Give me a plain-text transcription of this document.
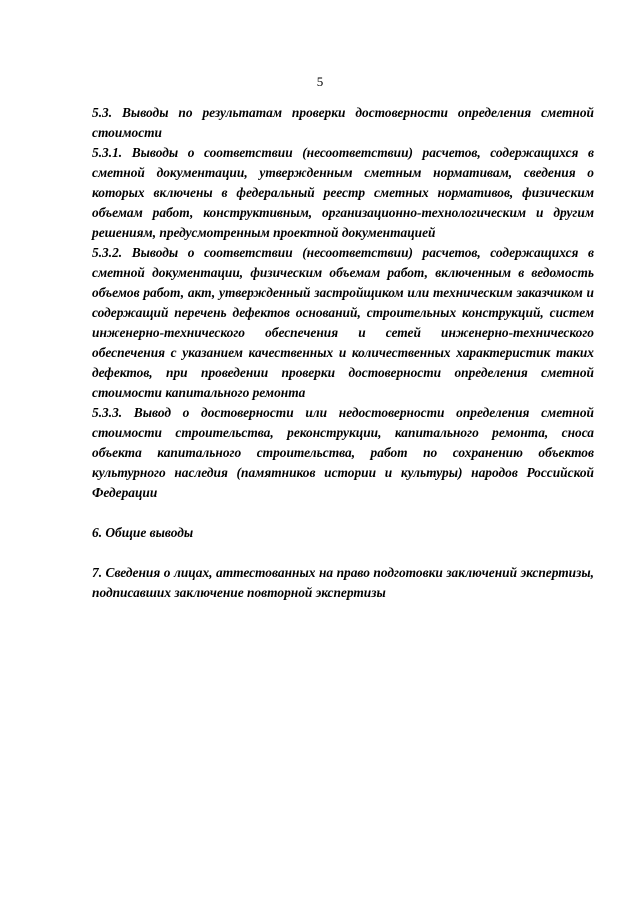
5

5.3. Выводы по результатам проверки достоверности определения сметной стоимости

5.3.1. Выводы о соответствии (несоответствии) расчетов, содержащихся в сметной документации, утвержденным сметным нормативам, сведения о которых включены в федеральный реестр сметных нормативов, физическим объемам работ, конструктивным, организационно-технологическим и другим решениям, предусмотренным проектной документацией

5.3.2. Выводы о соответствии (несоответствии) расчетов, содержащихся в сметной документации, физическим объемам работ, включенным в ведомость объемов работ, акт, утвержденный застройщиком или техническим заказчиком и содержащий перечень дефектов оснований, строительных конструкций, систем инженерно-технического обеспечения и сетей инженерно-технического обеспечения с указанием качественных и количественных характеристик таких дефектов, при проведении проверки достоверности определения сметной стоимости капитального ремонта

5.3.3. Вывод о достоверности или недостоверности определения сметной стоимости строительства, реконструкции, капитального ремонта, сноса объекта капитального строительства, работ по сохранению объектов культурного наследия (памятников истории и культуры) народов Российской Федерации

6. Общие выводы

7. Сведения о лицах, аттестованных на право подготовки заключений экспертизы, подписавших заключение повторной экспертизы
